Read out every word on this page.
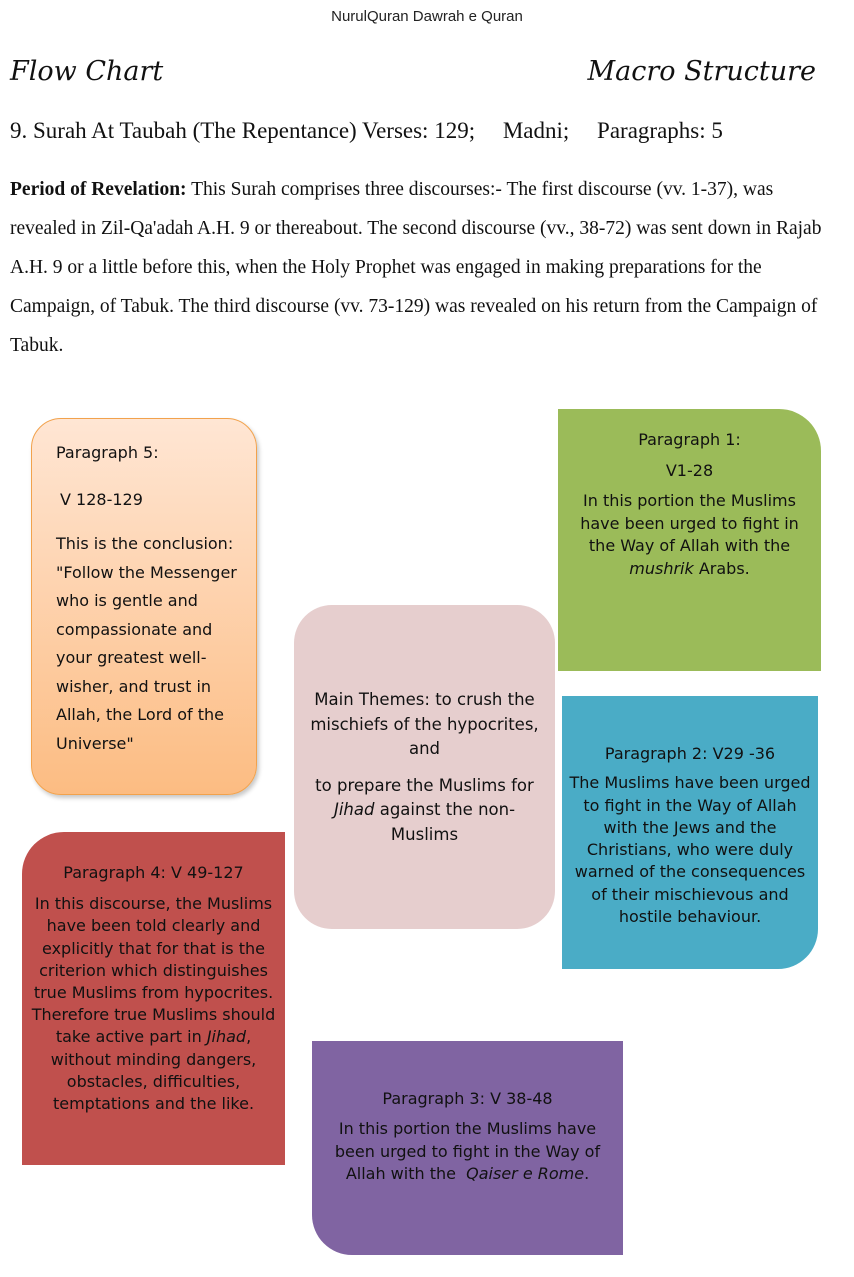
NurulQuran Dawrah e Quran
Flow Chart	Macro Structure
9. Surah At Taubah (The Repentance) Verses: 129; Madni; Paragraphs: 5
Period of Revelation: This Surah comprises three discourses:- The first discourse (vv. 1-37), was revealed in Zil-Qa'adah A.H. 9 or thereabout. The second discourse (vv., 38-72) was sent down in Rajab A.H. 9 or a little before this, when the Holy Prophet was engaged in making preparations for the Campaign, of Tabuk. The third discourse (vv. 73-129) was revealed on his return from the Campaign of Tabuk.

Paragraph 5:

V 128-129

This is the conclusion: "Follow the Messenger who is gentle and compassionate and your greatest well-wisher, and trust in Allah, the Lord of the Universe"

Paragraph 1:

V1-28

In this portion the Muslims have been urged to fight in the Way of Allah with the mushrik Arabs.

Main Themes: to crush the mischiefs of the hypocrites, and

to prepare the Muslims for Jihad against the non- Muslims

Paragraph 2: V29 -36

The Muslims have been urged to fight in the Way of Allah with the Jews and the Christians, who were duly warned of the consequences of their mischievous and hostile behaviour.

Paragraph 4: V 49-127

In this discourse, the Muslims have been told clearly and explicitly that for that is the criterion which distinguishes true Muslims from hypocrites. Therefore true Muslims should take active part in Jihad, without minding dangers, obstacles, difficulties, temptations and the like.	Paragraph 3: V 38-48

In this portion the Muslims have been urged to fight in the Way of Allah with the Qaiser e Rome.
